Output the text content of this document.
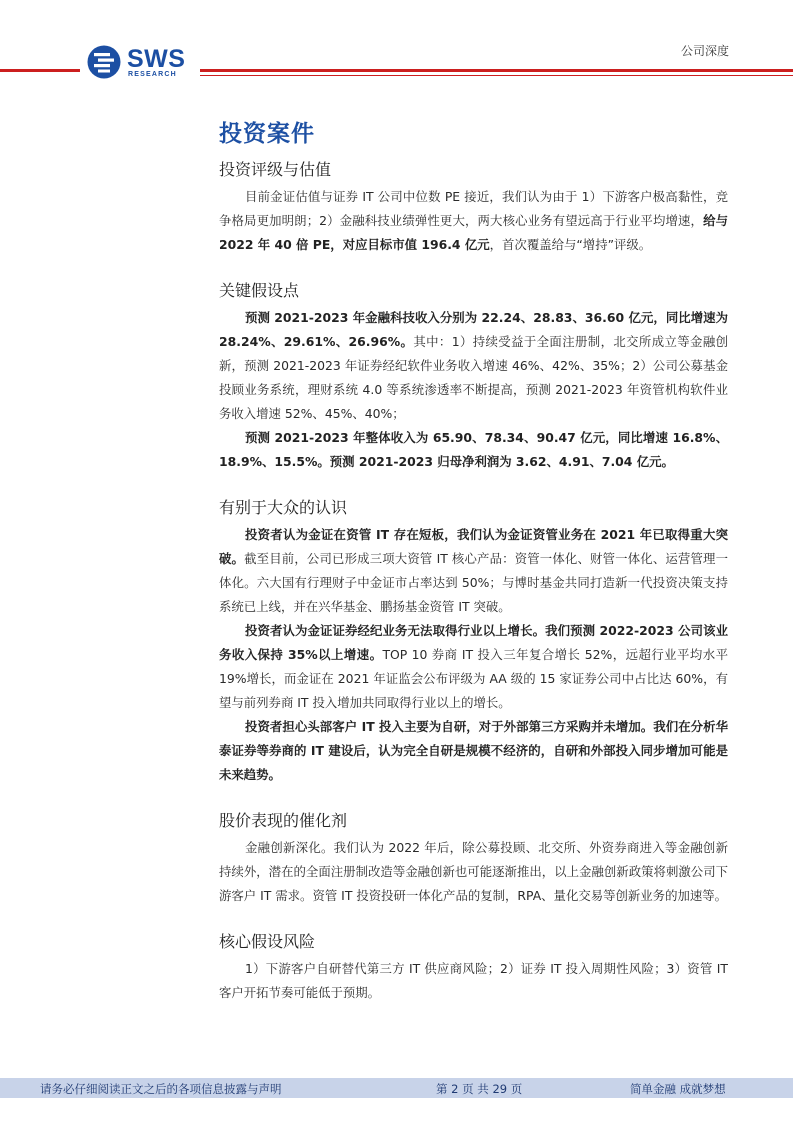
SWS
RESEARCH
公司深度
投资案件
投资评级与估值

目前金证估值与证券 IT 公司中位数 PE 接近，我们认为由于 1）下游客户极高黏性，竞争格局更加明朗；2）金融科技业绩弹性更大，两大核心业务有望远高于行业平均增速，给与 2022 年 40 倍 PE，对应目标市值 196.4 亿元，首次覆盖给与“增持”评级。

关键假设点

预测 2021-2023 年金融科技收入分别为 22.24、28.83、36.60 亿元，同比增速为 28.24%、29.61%、26.96%。其中：1）持续受益于全面注册制，北交所成立等金融创新，预测 2021-2023 年证券经纪软件业务收入增速 46%、42%、35%；2）公司公募基金投顾业务系统，理财系统 4.0 等系统渗透率不断提高，预测 2021-2023 年资管机构软件业务收入增速 52%、45%、40%；

预测 2021-2023 年整体收入为 65.90、78.34、90.47 亿元，同比增速 16.8%、18.9%、15.5%。预测 2021-2023 归母净利润为 3.62、4.91、7.04 亿元。

有别于大众的认识

投资者认为金证在资管 IT 存在短板，我们认为金证资管业务在 2021 年已取得重大突破。截至目前，公司已形成三项大资管 IT 核心产品：资管一体化、财管一体化、运营管理一体化。六大国有行理财子中金证市占率达到 50%；与博时基金共同打造新一代投资决策支持系统已上线，并在兴华基金、鹏扬基金资管 IT 突破。

投资者认为金证证券经纪业务无法取得行业以上增长。我们预测 2022-2023 公司该业务收入保持 35%以上增速。TOP 10 券商 IT 投入三年复合增长 52%，远超行业平均水平 19%增长，而金证在 2021 年证监会公布评级为 AA 级的 15 家证券公司中占比达 60%，有望与前列券商 IT 投入增加共同取得行业以上的增长。

投资者担心头部客户 IT 投入主要为自研，对于外部第三方采购并未增加。我们在分析华泰证券等券商的 IT 建设后，认为完全自研是规模不经济的，自研和外部投入同步增加可能是未来趋势。

股价表现的催化剂

金融创新深化。我们认为 2022 年后，除公募投顾、北交所、外资券商进入等金融创新持续外，潜在的全面注册制改造等金融创新也可能逐渐推出，以上金融创新政策将刺激公司下游客户 IT 需求。资管 IT 投资投研一体化产品的复制，RPA、量化交易等创新业务的加速等。

核心假设风险

1）下游客户自研替代第三方 IT 供应商风险；2）证券 IT 投入周期性风险；3）资管 IT 客户开拓节奏可能低于预期。

请务必仔细阅读正文之后的各项信息披露与声明	第 2 页 共 29 页	简单金融 成就梦想
